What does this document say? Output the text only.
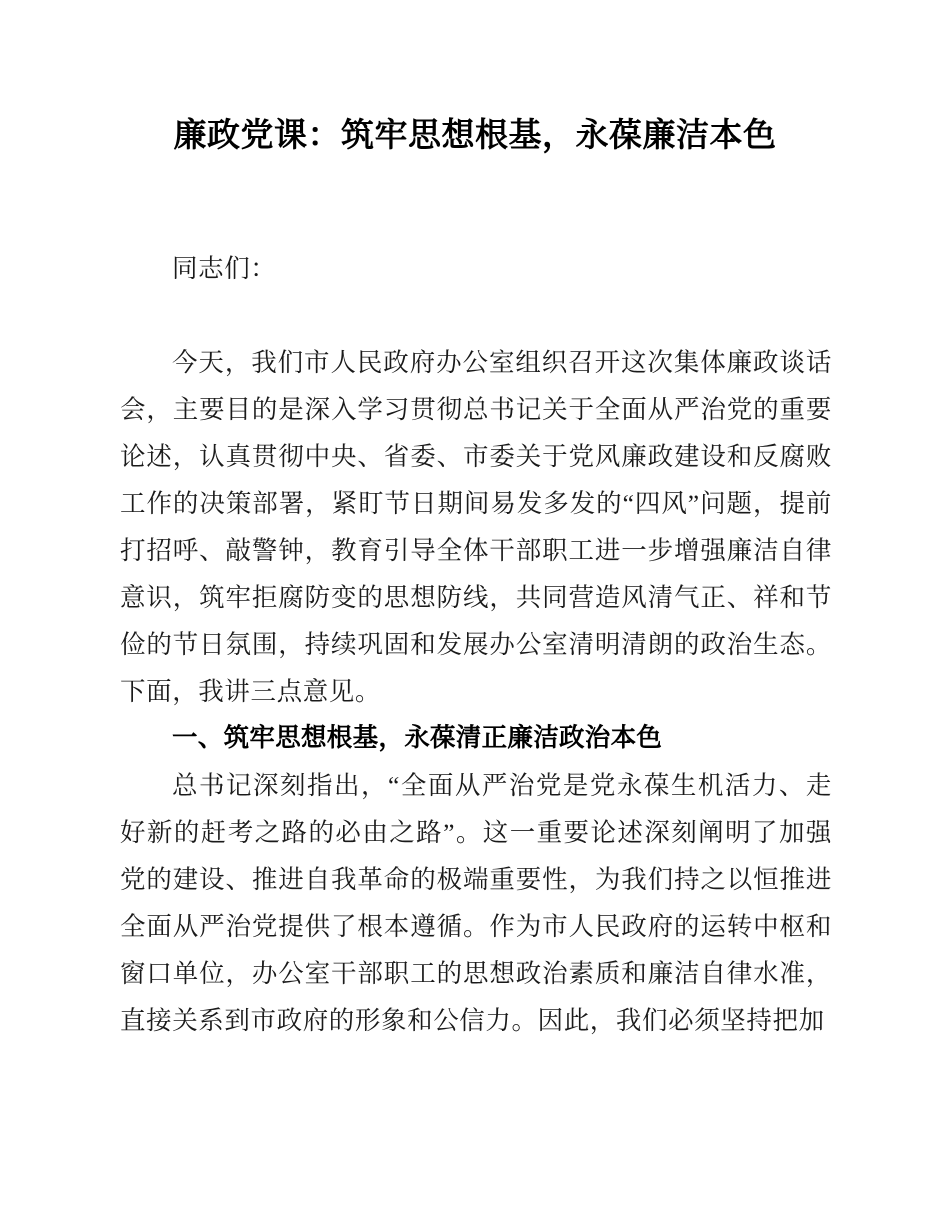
廉政党课：筑牢思想根基，永葆廉洁本色

同志们：

今天，我们市人民政府办公室组织召开这次集体廉政谈话会，主要目的是深入学习贯彻总书记关于全面从严治党的重要论述，认真贯彻中央、省委、市委关于党风廉政建设和反腐败工作的决策部署，紧盯节日期间易发多发的“四风”问题，提前打招呼、敲警钟，教育引导全体干部职工进一步增强廉洁自律意识，筑牢拒腐防变的思想防线，共同营造风清气正、祥和节俭的节日氛围，持续巩固和发展办公室清明清朗的政治生态。下面，我讲三点意见。

一、筑牢思想根基，永葆清正廉洁政治本色

总书记深刻指出，“全面从严治党是党永葆生机活力、走好新的赶考之路的必由之路”。这一重要论述深刻阐明了加强党的建设、推进自我革命的极端重要性，为我们持之以恒推进全面从严治党提供了根本遵循。作为市人民政府的运转中枢和窗口单位，办公室干部职工的思想政治素质和廉洁自律水准，直接关系到市政府的形象和公信力。因此，我们必须坚持把加
